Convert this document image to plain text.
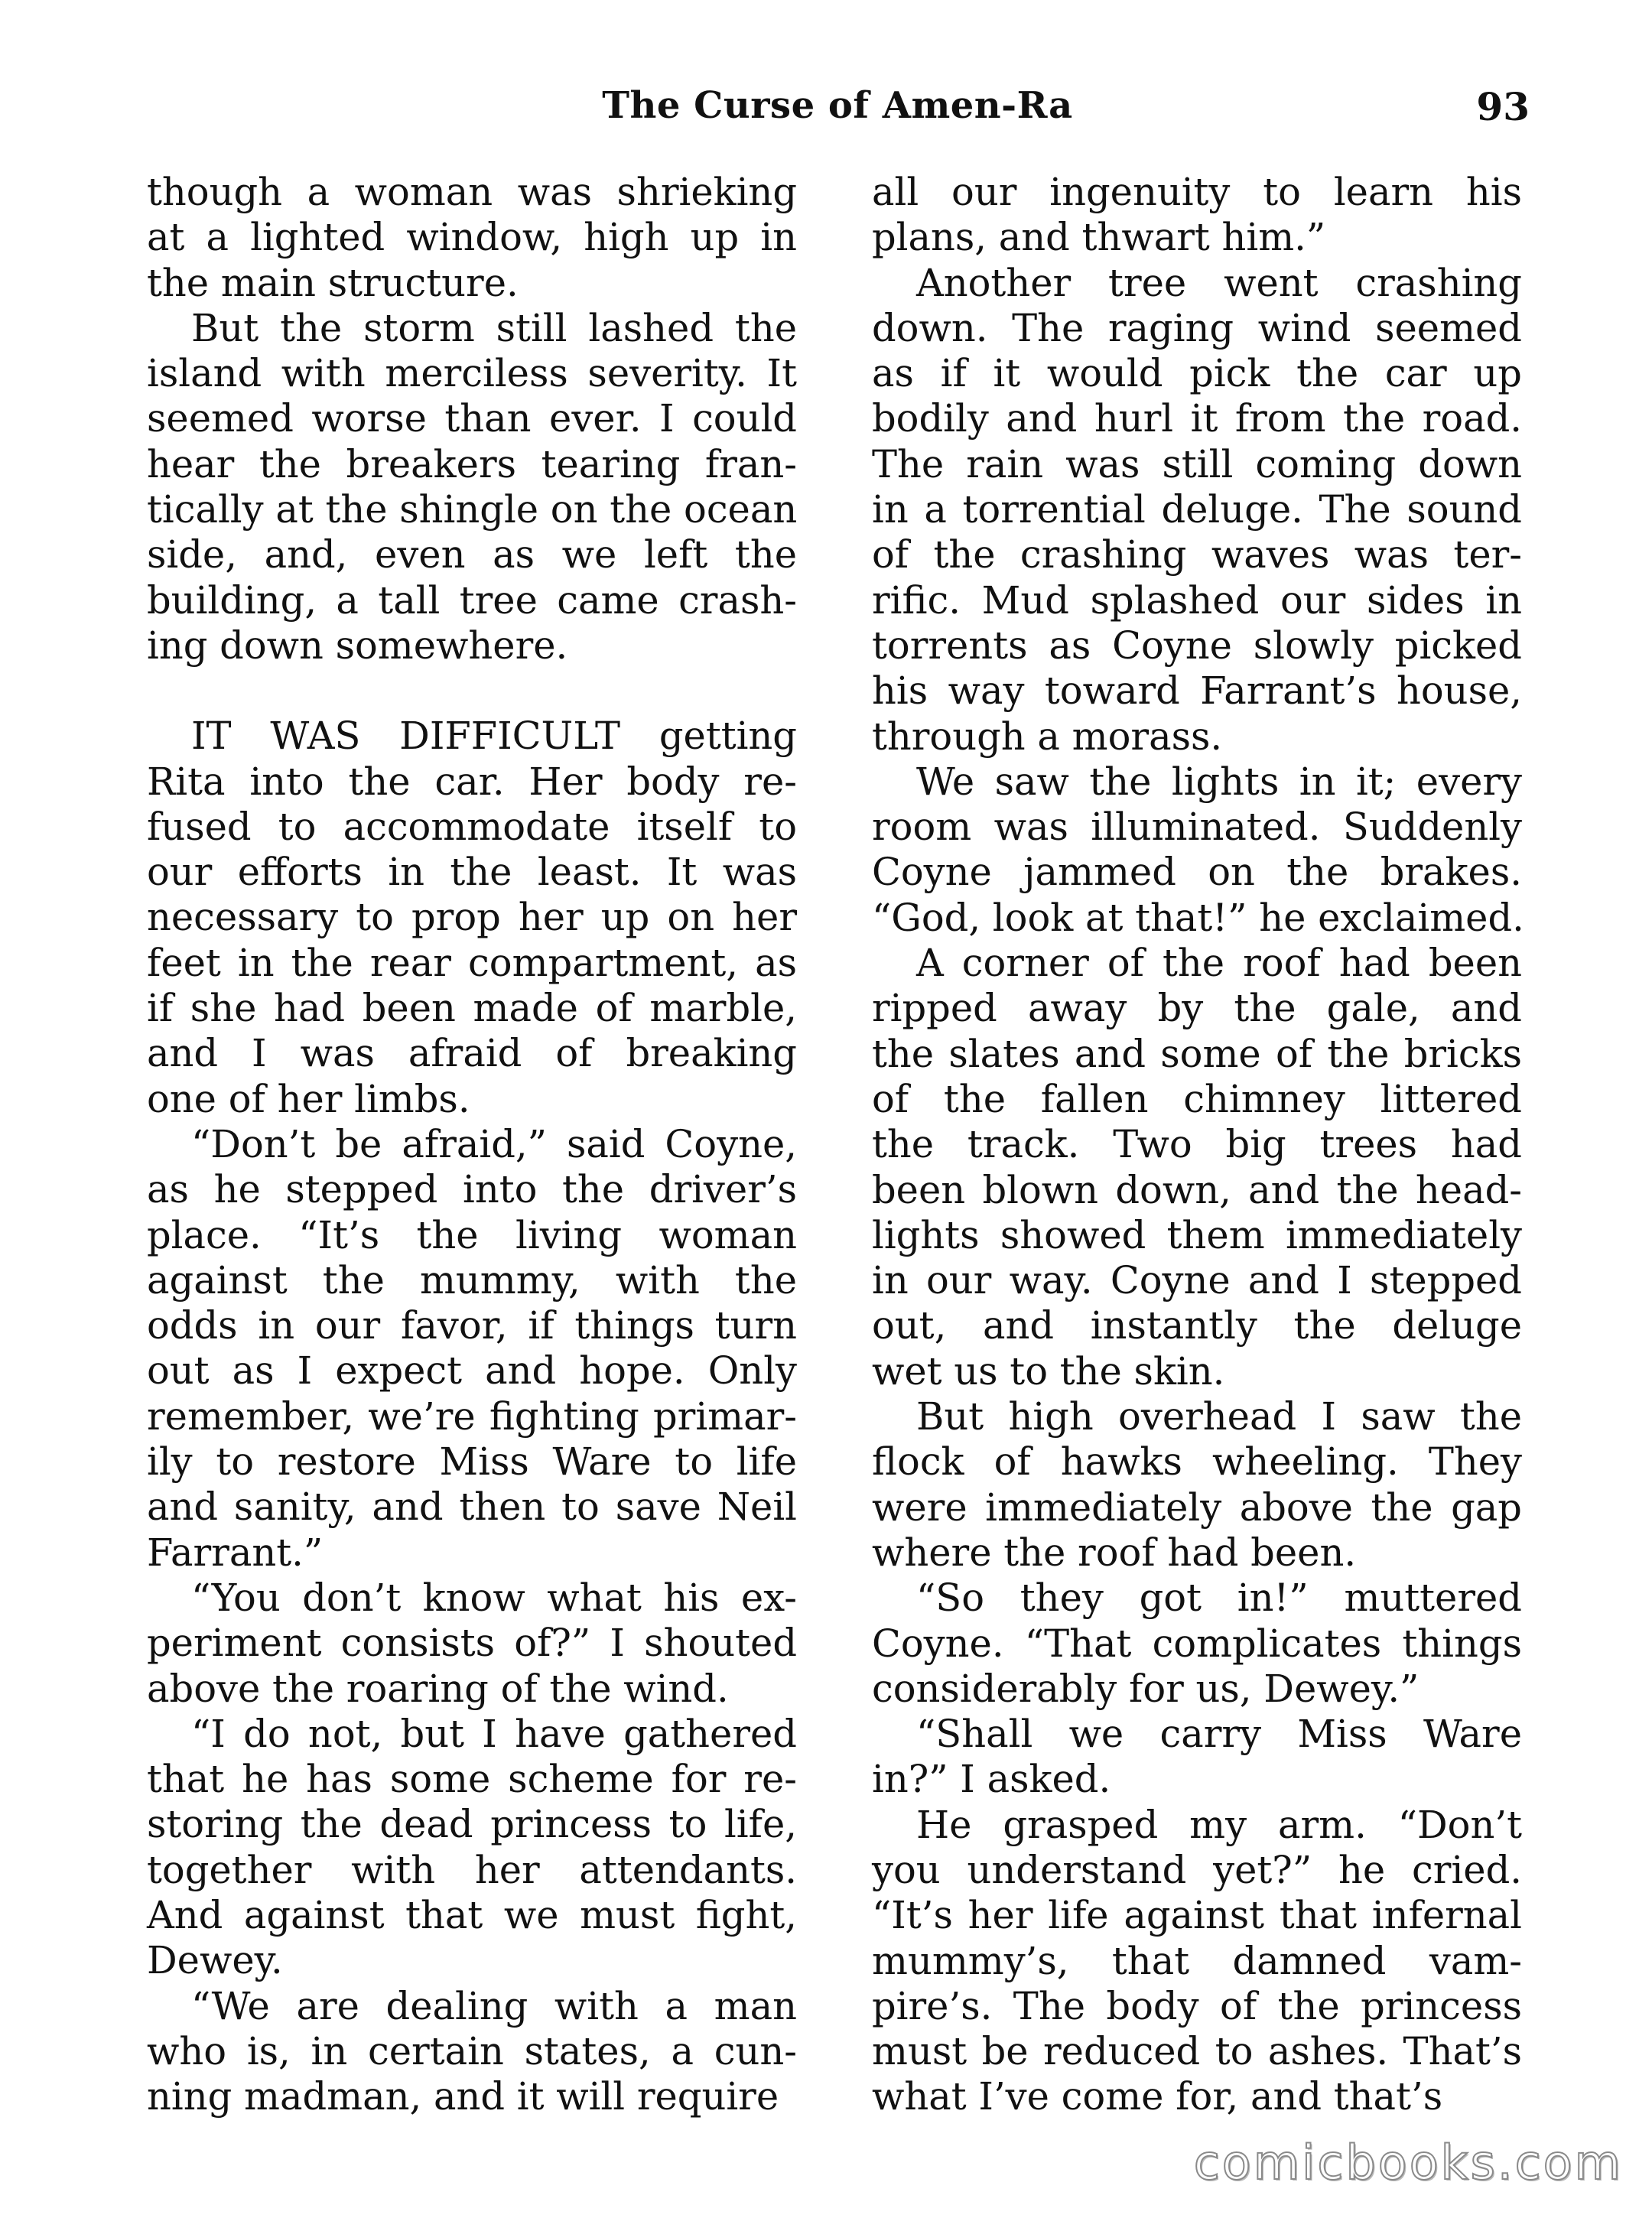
The Curse of Amen-Ra	93
though a woman was shrieking
at a lighted window, high up in
the main structure.
But the storm still lashed the
island with merciless severity. It
seemed worse than ever. I could
hear the breakers tearing fran-
tically at the shingle on the ocean
side, and, even as we left the
building, a tall tree came crash-
ing down somewhere.
IT WAS DIFFICULT getting
Rita into the car. Her body re-
fused to accommodate itself to
our efforts in the least. It was
necessary to prop her up on her
feet in the rear compartment, as
if she had been made of marble,
and I was afraid of breaking
one of her limbs.
“Don’t be afraid,” said Coyne,
as he stepped into the driver’s
place. “It’s the living woman
against the mummy, with the
odds in our favor, if things turn
out as I expect and hope. Only
remember, we’re fighting primar-
ily to restore Miss Ware to life
and sanity, and then to save Neil
Farrant.”
“You don’t know what his ex-
periment consists of?” I shouted
above the roaring of the wind.
“I do not, but I have gathered
that he has some scheme for re-
storing the dead princess to life,
together with her attendants.
And against that we must fight,
Dewey.
“We are dealing with a man
who is, in certain states, a cun-
ning madman, and it will require
all our ingenuity to learn his
plans, and thwart him.”
Another tree went crashing
down. The raging wind seemed
as if it would pick the car up
bodily and hurl it from the road.
The rain was still coming down
in a torrential deluge. The sound
of the crashing waves was ter-
rific. Mud splashed our sides in
torrents as Coyne slowly picked
his way toward Farrant’s house,
through a morass.
We saw the lights in it; every
room was illuminated. Suddenly
Coyne jammed on the brakes.
“God, look at that!” he exclaimed.
A corner of the roof had been
ripped away by the gale, and
the slates and some of the bricks
of the fallen chimney littered
the track. Two big trees had
been blown down, and the head-
lights showed them immediately
in our way. Coyne and I stepped
out, and instantly the deluge
wet us to the skin.
But high overhead I saw the
flock of hawks wheeling. They
were immediately above the gap
where the roof had been.
“So they got in!” muttered
Coyne. “That complicates things
considerably for us, Dewey.”
“Shall we carry Miss Ware
in?” I asked.
He grasped my arm. “Don’t
you understand yet?” he cried.
“It’s her life against that infernal
mummy’s, that damned vam-
pire’s. The body of the princess
must be reduced to ashes. That’s
what I’ve come for, and that’s
comicbooks.com
